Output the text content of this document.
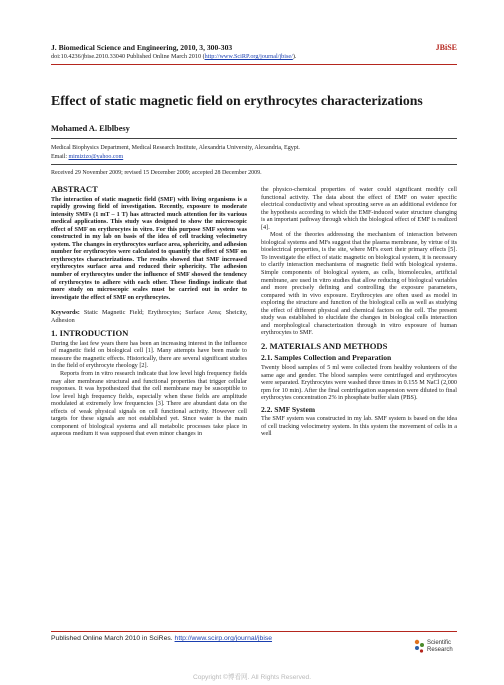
J. Biomedical Science and Engineering, 2010, 3, 300-303
doi:10.4236/jbise.2010.33040 Published Online March 2010 (http://www.SciRP.org/journal/jbise/).
JBiSE
Effect of static magnetic field on erythrocytes characterizations
Mohamed A. Elblbesy
Medical Biophysics Department, Medical Research Institute, Alexandria University, Alexandria, Egypt.
Email: mimizizo@yahoo.com
Received 29 November 2009; revised 15 December 2009; accepted 28 December 2009.
ABSTRACT

The interaction of static magnetic field (SMF) with living organisms is a rapidly growing field of investigation. Recently, exposure to moderate intensity SMFs (1 mT – 1 T) has attracted much attention for its various medical applications. This study was designed to show the microscopic effect of SMF on erythrocytes in vitro. For this purpose SMF system was constructed in my lab on basis of the idea of cell tracking velocimetry system. The changes in erythrocytes surface area, sphericity, and adhesion number for erythrocytes were calculated to quantify the effect of SMF on erythrocytes characterizations. The results showed that SMF increased erythrocytes surface area and reduced their sphericity. The adhesion number of erythrocytes under the influence of SMF showed the tendency of erythrocytes to adhere with each other. These findings indicate that more study on microscopic scales must be carried out in order to investigate the effect of SMF on erythrocytes.

Keywords: Static Magnetic Field; Erythrocytes; Surface Area; Sheicity, Adhesion

1. INTRODUCTION

During the last few years there has been an increasing interest in the influence of magnetic field on biological cell [1]. Many attempts have been made to measure the magnetic effects. Historically, there are several significant studies in the field of erythrocyte rheology [2].

Reports from in vitro research indicate that low level high frequency fields may alter membrane structural and functional properties that trigger cellular responses. It was hypothesized that the cell membrane may be susceptible to low level high frequency fields, especially when these fields are amplitude modulated at extremely low frequencies [3]. There are abundant data on the effects of weak physical signals on cell functional activity. However cell targets for these signals are not established yet. Since water is the main component of biological systems and all metabolic processes take place in aqueous medium it was supposed that even minor changes in

the physico-chemical properties of water could significant modify cell functional activity. The data about the effect of EMF on water specific electrical conductivity and wheat sprouting serve as an additional evidence for the hypothesis according to which the EMF-induced water structure changing is an important pathway through which the biological effect of EMF is realized [4].

Most of the theories addressing the mechanism of interaction between biological systems and MFs suggest that the plasma membrane, by virtue of its bioelectrical properties, is the site, where MFs exert their primary effects [5]. To investigate the effect of static magnetic on biological system, it is necessary to clarify interaction mechanisms of magnetic field with biological systems. Simple components of biological system, as cells, biomolecules, artificial membrane, are used in vitro studies that allow reducing of biological variables and more precisely defining and controlling the exposure parameters, compared with in vivo exposure. Erythrocytes are often used as model in exploring the structure and function of the biological cells as well as studying the effect of different physical and chemical factors on the cell. The present study was established to elucidate the changes in biological cells interaction and morphological characterization through in vitro exposure of human erythrocytes to SMF.

2. MATERIALS AND METHODS
2.1. Samples Collection and Preparation

Twenty blood samples of 5 ml were collected from healthy volunteers of the same age and gender. The blood samples were centrifuged and erythrocytes were separated. Erythrocytes were washed three times in 0.155 M NaCl (2,000 rpm for 10 min). After the final centrifugation suspension were diluted to final erythrocytes concentration 2% in phosphate buffer slain (PBS).

2.2. SMF System

The SMF system was constructed in my lab. SMF system is based on the idea of cell tracking velocimetry system. In this system the movement of cells in a well

Published Online March 2010 in SciRes. http://www.scirp.org/journal/jbise
Scientific
Research
Copyright ©博看网. All Rights Reserved.
